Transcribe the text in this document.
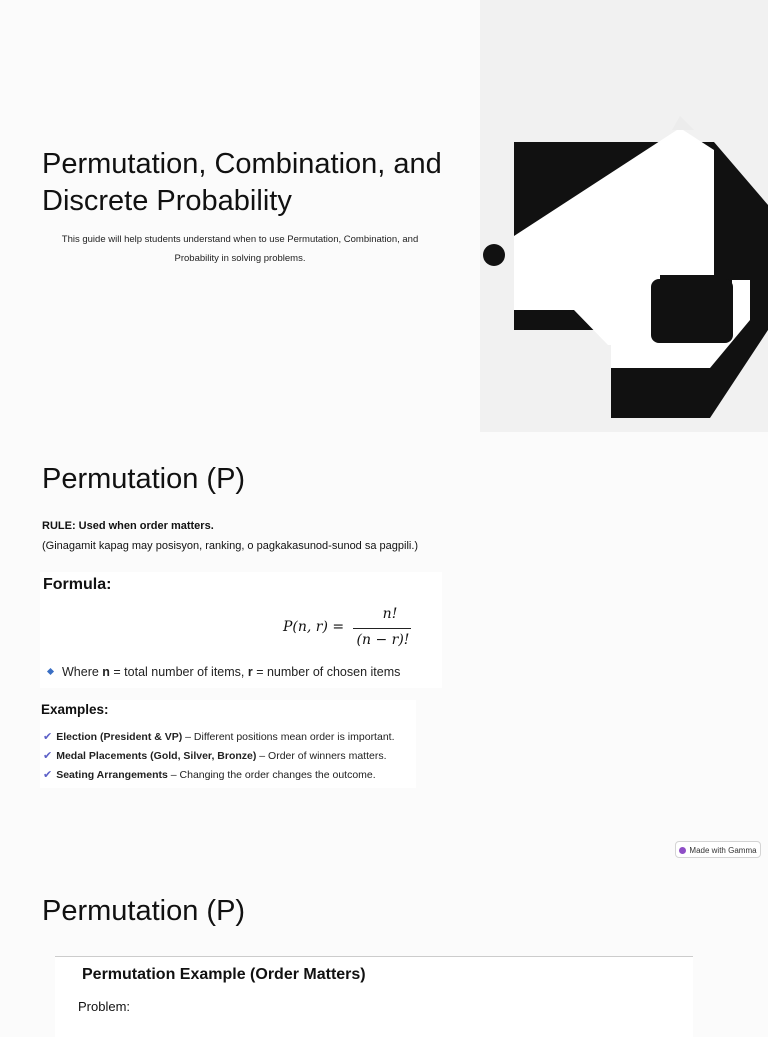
Permutation, Combination, and Discrete Probability
This guide will help students understand when to use Permutation, Combination, and Probability in solving problems.
Permutation (P)
RULE: Used when order matters.
(Ginagamit kapag may posisyon, ranking, o pagkakasunod-sunod sa pagpili.)
Formula:
P(n, r) =
n!
(n − r)!
Where n = total number of items, r = number of chosen items
Examples:
✔ Election (President & VP) – Different positions mean order is important.
✔ Medal Placements (Gold, Silver, Bronze) – Order of winners matters.
✔ Seating Arrangements – Changing the order changes the outcome.
Made with Gamma
Permutation (P)
Permutation Example (Order Matters)
Problem:
